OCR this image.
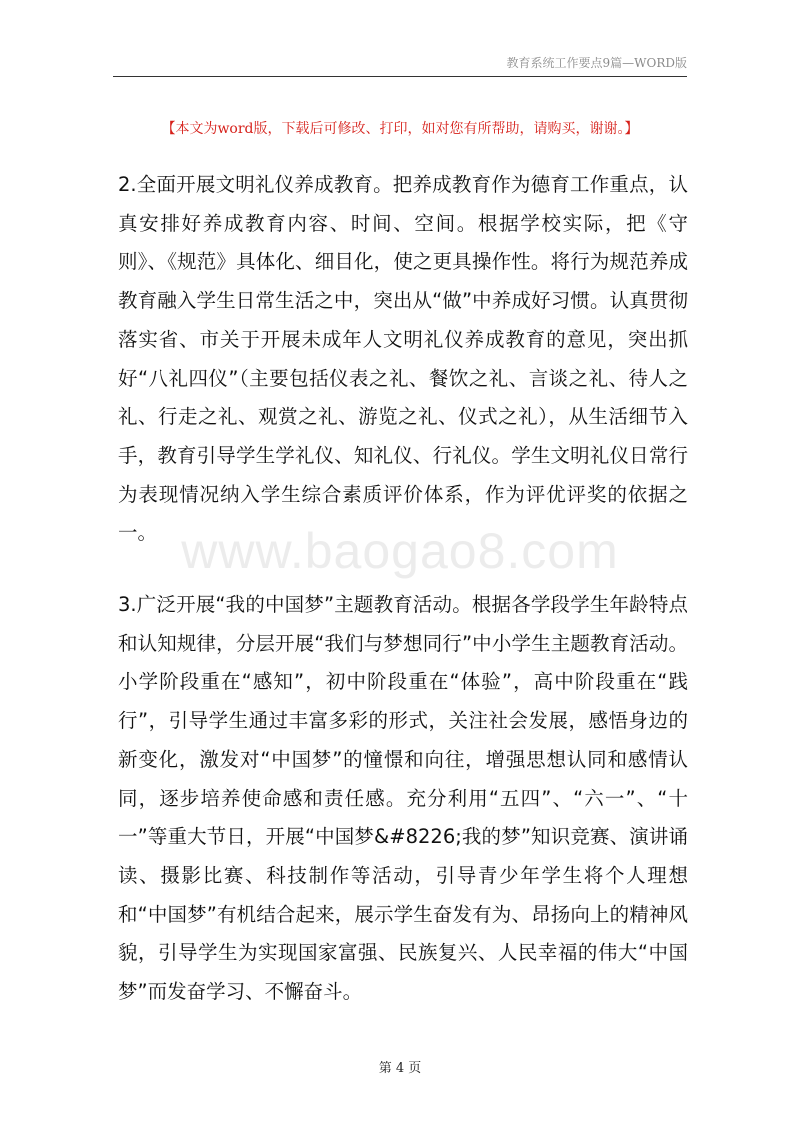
教育系统工作要点9篇—WORD版
【本文为word版，下载后可修改、打印，如对您有所帮助，请购买，谢谢。】

2.全面开展文明礼仪养成教育。把养成教育作为德育工作重点，认真安排好养成教育内容、时间、空间。根据学校实际，把《守则》、《规范》具体化、细目化，使之更具操作性。将行为规范养成教育融入学生日常生活之中，突出从“做”中养成好习惯。认真贯彻落实省、市关于开展未成年人文明礼仪养成教育的意见，突出抓好“八礼四仪”（主要包括仪表之礼、餐饮之礼、言谈之礼、待人之礼、行走之礼、观赏之礼、游览之礼、仪式之礼），从生活细节入手，教育引导学生学礼仪、知礼仪、行礼仪。学生文明礼仪日常行为表现情况纳入学生综合素质评价体系，作为评优评奖的依据之一。 www.baogao8.com

3.广泛开展“我的中国梦”主题教育活动。根据各学段学生年龄特点和认知规律，分层开展“我们与梦想同行”中小学生主题教育活动。小学阶段重在“感知”，初中阶段重在“体验”，高中阶段重在“践行”，引导学生通过丰富多彩的形式，关注社会发展，感悟身边的新变化，激发对“中国梦”的憧憬和向往，增强思想认同和感情认同，逐步培养使命感和责任感。充分利用“五四”、“六一”、“十一”等重大节日，开展“中国梦&#8226;我的梦”知识竞赛、演讲诵读、摄影比赛、科技制作等活动，引导青少年学生将个人理想和“中国梦”有机结合起来，展示学生奋发有为、昂扬向上的精神风貌，引导学生为实现国家富强、民族复兴、人民幸福的伟大“中国梦”而发奋学习、不懈奋斗。

第 4 页
